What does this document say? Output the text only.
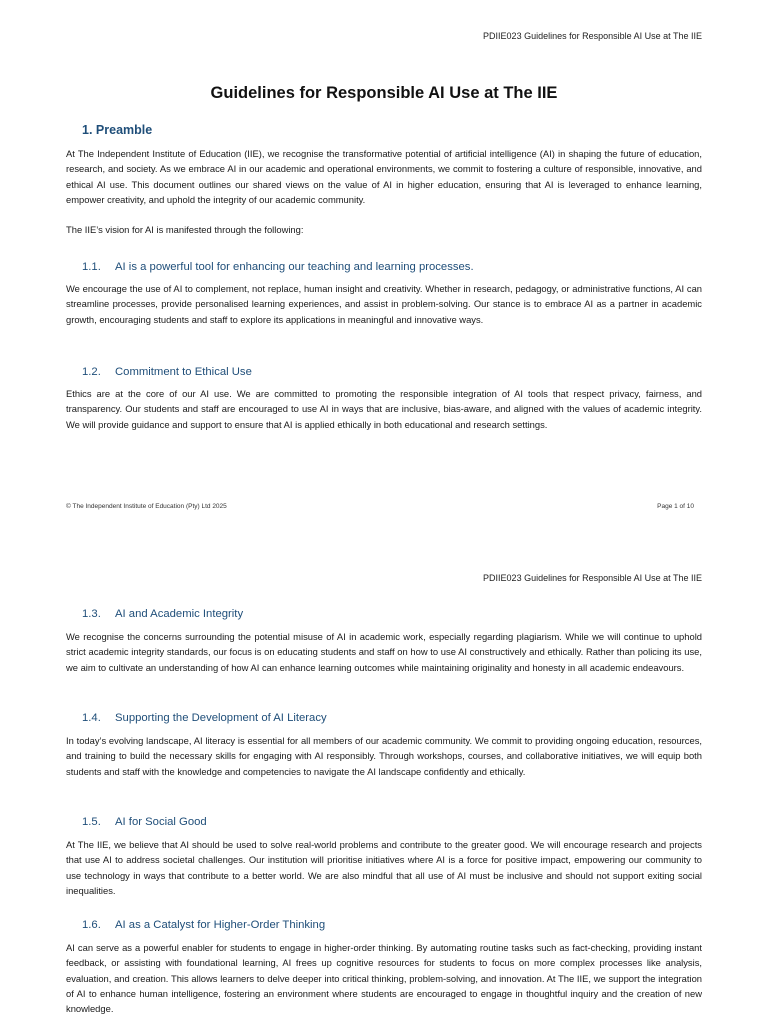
PDIIE023 Guidelines for Responsible AI Use at The IIE
Guidelines for Responsible AI Use at The IIE
1. Preamble

At The Independent Institute of Education (IIE), we recognise the transformative potential of artificial intelligence (AI) in shaping the future of education, research, and society. As we embrace AI in our academic and operational environments, we commit to fostering a culture of responsible, innovative, and ethical AI use. This document outlines our shared views on the value of AI in higher education, ensuring that AI is leveraged to enhance learning, empower creativity, and uphold the integrity of our academic community.

The IIE’s vision for AI is manifested through the following:

1.1. AI is a powerful tool for enhancing our teaching and learning processes.

We encourage the use of AI to complement, not replace, human insight and creativity. Whether in research, pedagogy, or administrative functions, AI can streamline processes, provide personalised learning experiences, and assist in problem-solving. Our stance is to embrace AI as a partner in academic growth, encouraging students and staff to explore its applications in meaningful and innovative ways.

1.2. Commitment to Ethical Use

Ethics are at the core of our AI use. We are committed to promoting the responsible integration of AI tools that respect privacy, fairness, and transparency. Our students and staff are encouraged to use AI in ways that are inclusive, bias-aware, and aligned with the values of academic integrity. We will provide guidance and support to ensure that AI is applied ethically in both educational and research settings.

© The Independent Institute of Education (Pty) Ltd 2025	Page 1 of 10
PDIIE023 Guidelines for Responsible AI Use at The IIE
1.3. AI and Academic Integrity

We recognise the concerns surrounding the potential misuse of AI in academic work, especially regarding plagiarism. While we will continue to uphold strict academic integrity standards, our focus is on educating students and staff on how to use AI constructively and ethically. Rather than policing its use, we aim to cultivate an understanding of how AI can enhance learning outcomes while maintaining originality and honesty in all academic endeavours.

1.4. Supporting the Development of AI Literacy

In today’s evolving landscape, AI literacy is essential for all members of our academic community. We commit to providing ongoing education, resources, and training to build the necessary skills for engaging with AI responsibly. Through workshops, courses, and collaborative initiatives, we will equip both students and staff with the knowledge and competencies to navigate the AI landscape confidently and ethically.

1.5. AI for Social Good

At The IIE, we believe that AI should be used to solve real-world problems and contribute to the greater good. We will encourage research and projects that use AI to address societal challenges. Our institution will prioritise initiatives where AI is a force for positive impact, empowering our community to use technology in ways that contribute to a better world. We are also mindful that all use of AI must be inclusive and should not support exiting social inequalities.

1.6. AI as a Catalyst for Higher-Order Thinking

AI can serve as a powerful enabler for students to engage in higher-order thinking. By automating routine tasks such as fact-checking, providing instant feedback, or assisting with foundational learning, AI frees up cognitive resources for students to focus on more complex processes like analysis, evaluation, and creation. This allows learners to delve deeper into critical thinking, problem-solving, and innovation. At The IIE, we support the integration of AI to enhance human intelligence, fostering an environment where students are encouraged to engage in thoughtful inquiry and the creation of new knowledge.
